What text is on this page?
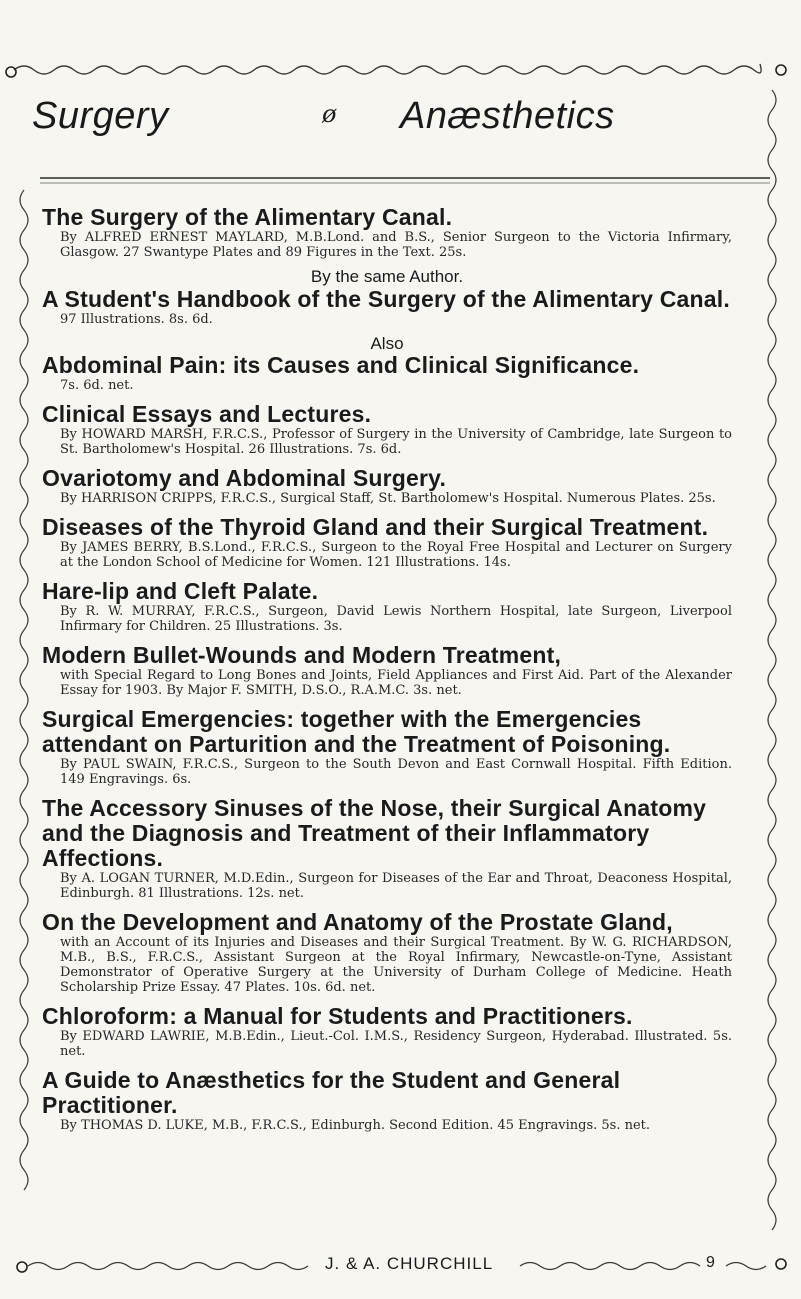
Surgery	ø Anæsthetics
The Surgery of the Alimentary Canal.
By ALFRED ERNEST MAYLARD, M.B.Lond. and B.S., Senior Surgeon to the Victoria Infirmary, Glasgow. 27 Swantype Plates and 89 Figures in the Text. 25s.
By the same Author.
A Student's Handbook of the Surgery of the Alimentary Canal.
97 Illustrations. 8s. 6d.
Also
Abdominal Pain: its Causes and Clinical Significance.
7s. 6d. net.
Clinical Essays and Lectures.
By HOWARD MARSH, F.R.C.S., Professor of Surgery in the University of Cambridge, late Surgeon to St. Bartholomew's Hospital. 26 Illustrations. 7s. 6d.
Ovariotomy and Abdominal Surgery.
By HARRISON CRIPPS, F.R.C.S., Surgical Staff, St. Bartholomew's Hospital. Numerous Plates. 25s.
Diseases of the Thyroid Gland and their Surgical Treatment.
By JAMES BERRY, B.S.Lond., F.R.C.S., Surgeon to the Royal Free Hospital and Lecturer on Surgery at the London School of Medicine for Women. 121 Illustrations. 14s.
Hare-lip and Cleft Palate.
By R. W. MURRAY, F.R.C.S., Surgeon, David Lewis Northern Hospital, late Surgeon, Liverpool Infirmary for Children. 25 Illustrations. 3s.
Modern Bullet-Wounds and Modern Treatment,
with Special Regard to Long Bones and Joints, Field Appliances and First Aid. Part of the Alexander Essay for 1903. By Major F. SMITH, D.S.O., R.A.M.C. 3s. net.
Surgical Emergencies: together with the Emergencies attendant on Parturition and the Treatment of Poisoning.
By PAUL SWAIN, F.R.C.S., Surgeon to the South Devon and East Cornwall Hospital. Fifth Edition. 149 Engravings. 6s.
The Accessory Sinuses of the Nose, their Surgical Anatomy and the Diagnosis and Treatment of their Inflammatory Affections.
By A. LOGAN TURNER, M.D.Edin., Surgeon for Diseases of the Ear and Throat, Deaconess Hospital, Edinburgh. 81 Illustrations. 12s. net.
On the Development and Anatomy of the Prostate Gland,
with an Account of its Injuries and Diseases and their Surgical Treatment. By W. G. RICHARDSON, M.B., B.S., F.R.C.S., Assistant Surgeon at the Royal Infirmary, Newcastle-on-Tyne, Assistant Demonstrator of Operative Surgery at the University of Durham College of Medicine. Heath Scholarship Prize Essay. 47 Plates. 10s. 6d. net.
Chloroform: a Manual for Students and Practitioners.
By EDWARD LAWRIE, M.B.Edin., Lieut.-Col. I.M.S., Residency Surgeon, Hyderabad. Illustrated. 5s. net.
A Guide to Anæsthetics for the Student and General Practitioner.
By THOMAS D. LUKE, M.B., F.R.C.S., Edinburgh. Second Edition. 45 Engravings. 5s. net.
J. & A. CHURCHILL	9
